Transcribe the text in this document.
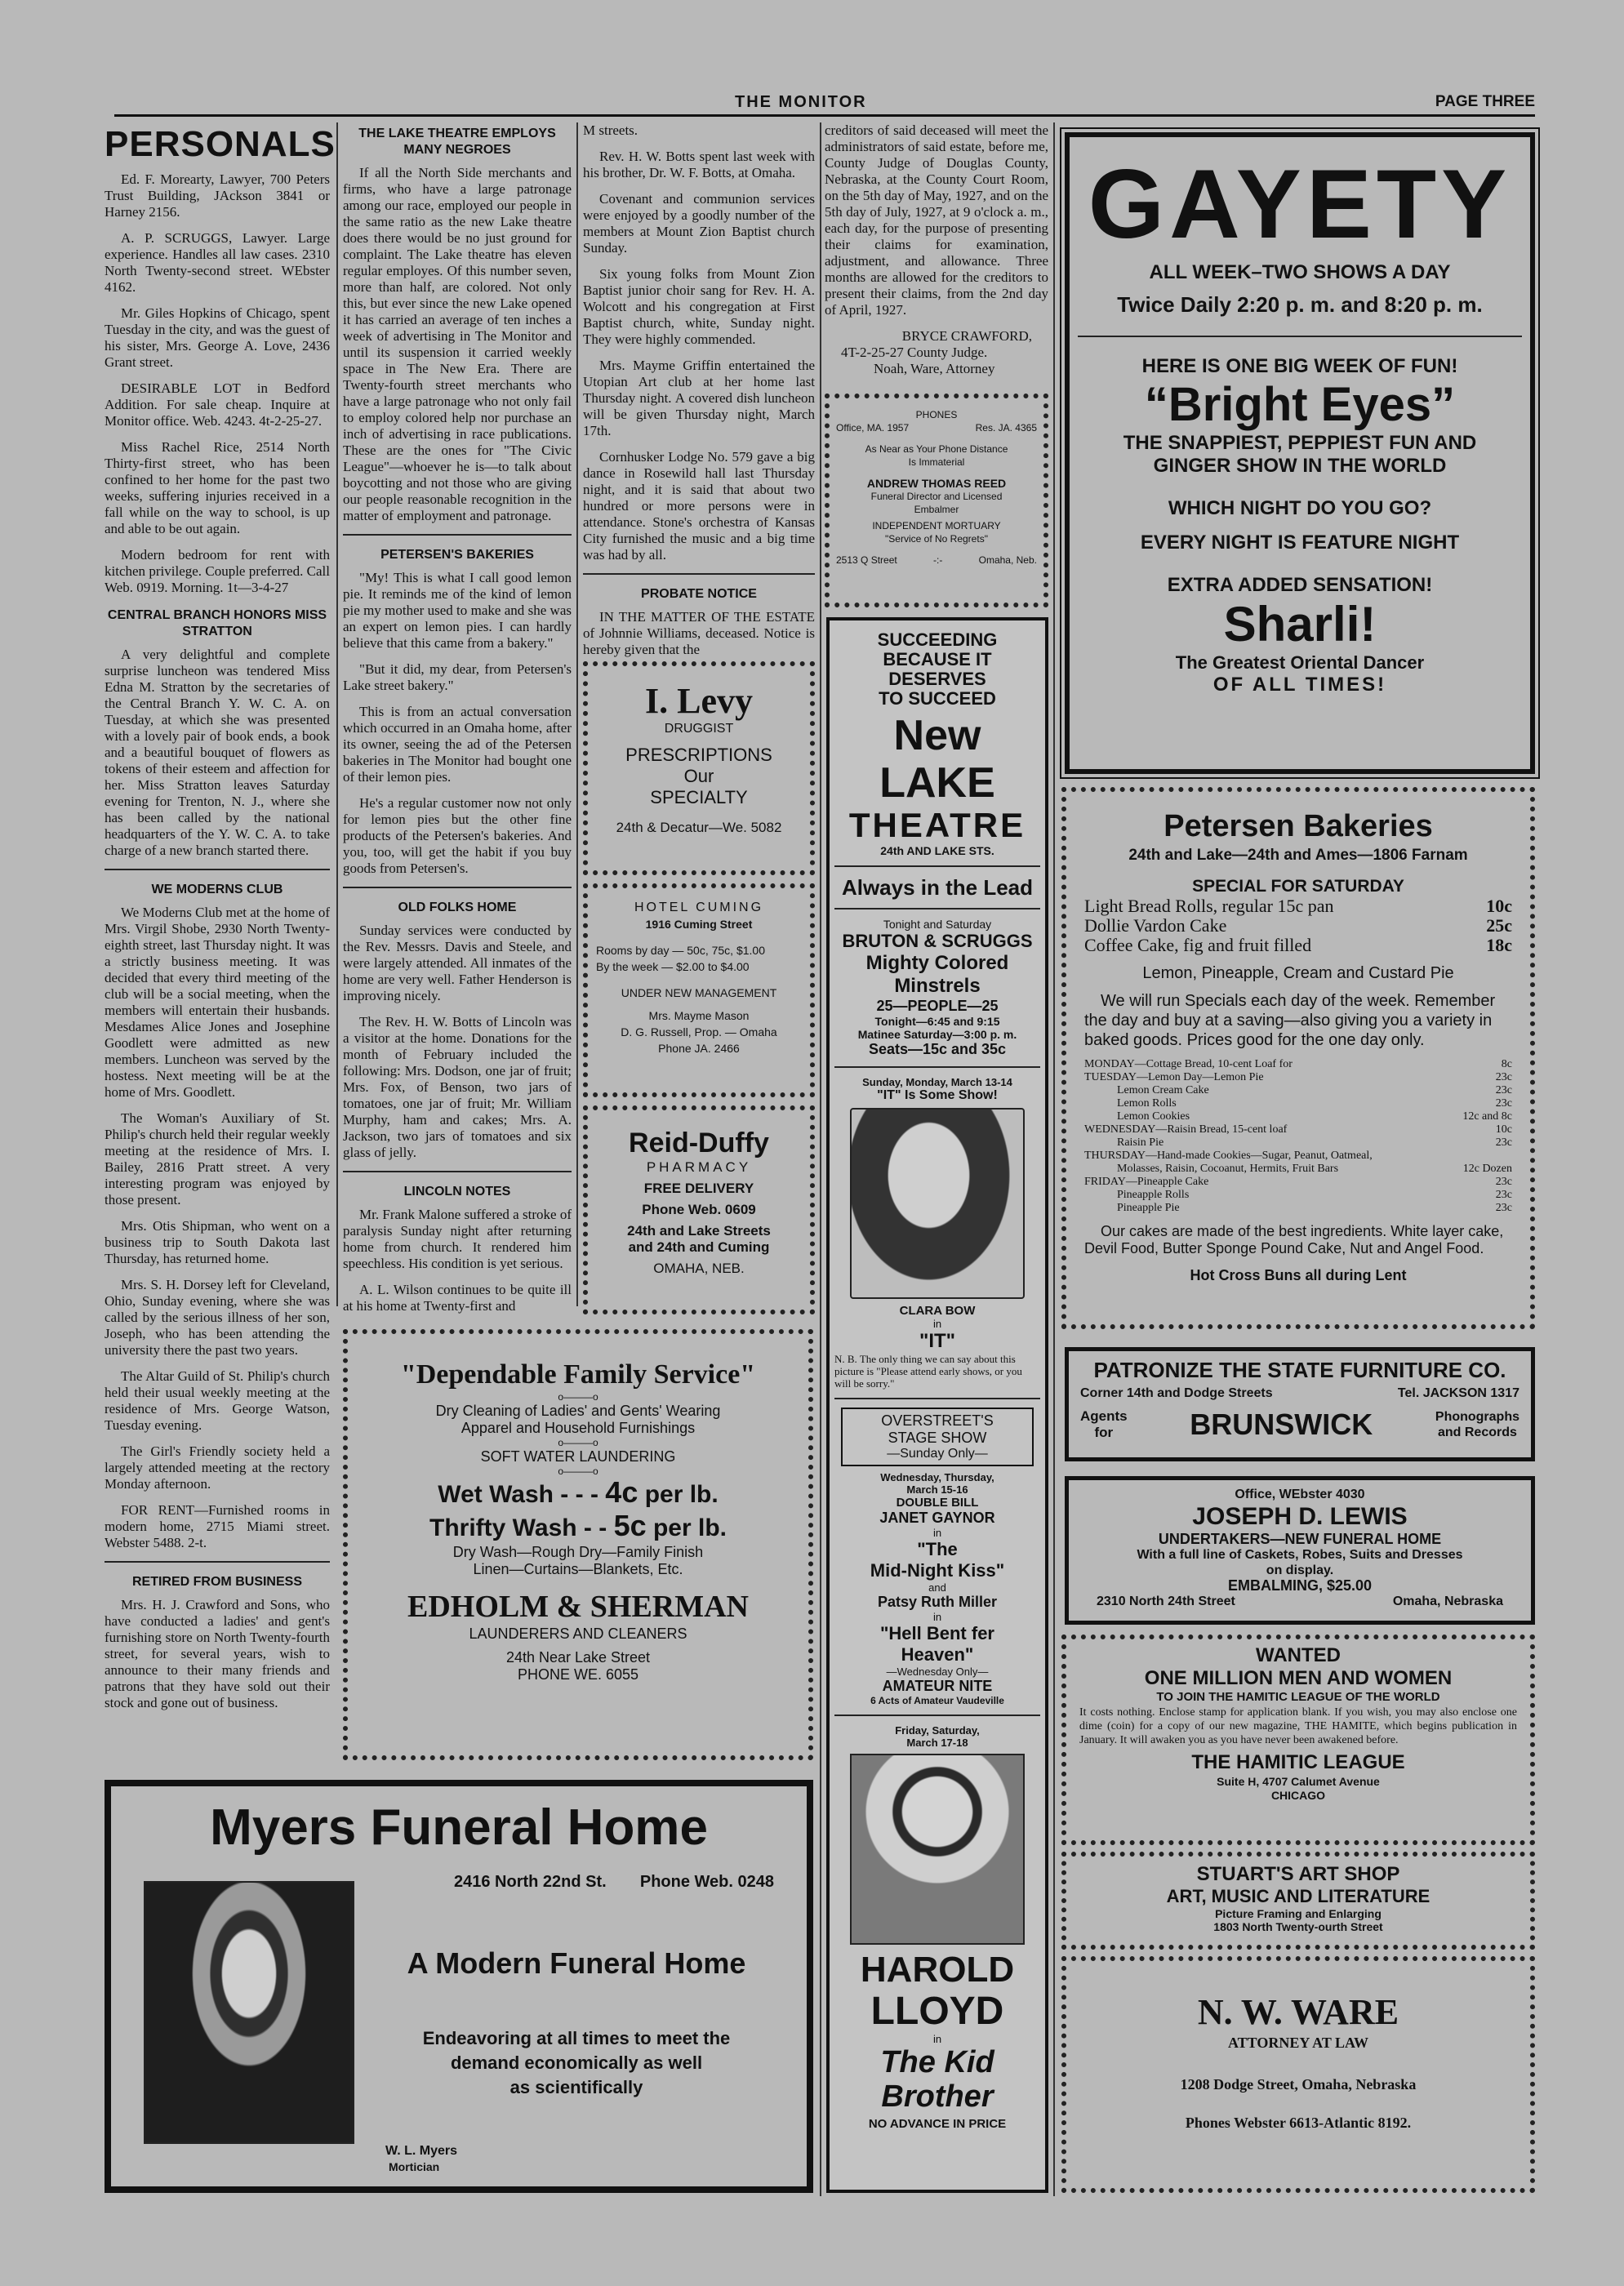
THE MONITOR	PAGE THREE
PERSONALS

Ed. F. Morearty, Lawyer, 700 Peters Trust Building, JAckson 3841 or Harney 2156.

A. P. SCRUGGS, Lawyer. Large experience. Handles all law cases. 2310 North Twenty-second street. WEbster 4162.

Mr. Giles Hopkins of Chicago, spent Tuesday in the city, and was the guest of his sister, Mrs. George A. Love, 2436 Grant street.

DESIRABLE LOT in Bedford Addition. For sale cheap. Inquire at Monitor office. Web. 4243. 4t-2-25-27.

Miss Rachel Rice, 2514 North Thirty-first street, who has been confined to her home for the past two weeks, suffering injuries received in a fall while on the way to school, is up and able to be out again.

Modern bedroom for rent with kitchen privilege. Couple preferred. Call Web. 0919. Morning. 1t—3-4-27

CENTRAL BRANCH HONORS MISS STRATTON

A very delightful and complete surprise luncheon was tendered Miss Edna M. Stratton by the secretaries of the Central Branch Y. W. C. A. on Tuesday, at which she was presented with a lovely pair of book ends, a book and a beautiful bouquet of flowers as tokens of their esteem and affection for her. Miss Stratton leaves Saturday evening for Trenton, N. J., where she has been called by the national headquarters of the Y. W. C. A. to take charge of a new branch started there.

WE MODERNS CLUB

We Moderns Club met at the home of Mrs. Virgil Shobe, 2930 North Twenty-eighth street, last Thursday night. It was a strictly business meeting. It was decided that every third meeting of the club will be a social meeting, when the members will entertain their husbands. Mesdames Alice Jones and Josephine Goodlett were admitted as new members. Luncheon was served by the hostess. Next meeting will be at the home of Mrs. Goodlett.

The Woman's Auxiliary of St. Philip's church held their regular weekly meeting at the residence of Mrs. I. Bailey, 2816 Pratt street. A very interesting program was enjoyed by those present.

Mrs. Otis Shipman, who went on a business trip to South Dakota last Thursday, has returned home.

Mrs. S. H. Dorsey left for Cleveland, Ohio, Sunday evening, where she was called by the serious illness of her son, Joseph, who has been attending the university there the past two years.

The Altar Guild of St. Philip's church held their usual weekly meeting at the residence of Mrs. George Watson, Tuesday evening.

The Girl's Friendly society held a largely attended meeting at the rectory Monday afternoon.

FOR RENT—Furnished rooms in modern home, 2715 Miami street. Webster 5488. 2-t.

RETIRED FROM BUSINESS

Mrs. H. J. Crawford and Sons, who have conducted a ladies' and gent's furnishing store on North Twenty-fourth street, for several years, wish to announce to their many friends and patrons that they have sold out their stock and gone out of business.

THE LAKE THEATRE EMPLOYS MANY NEGROES

If all the North Side merchants and firms, who have a large patronage among our race, employed our people in the same ratio as the new Lake theatre does there would be no just ground for complaint. The Lake theatre has eleven regular employes. Of this number seven, more than half, are colored. Not only this, but ever since the new Lake opened it has carried an average of ten inches a week of advertising in The Monitor and until its suspension it carried weekly space in The New Era. There are Twenty-fourth street merchants who have a large patronage who not only fail to employ colored help nor purchase an inch of advertising in race publications. These are the ones for "The Civic League"—whoever he is—to talk about boycotting and not those who are giving our people reasonable recognition in the matter of employment and patronage.

PETERSEN'S BAKERIES

"My! This is what I call good lemon pie. It reminds me of the kind of lemon pie my mother used to make and she was an expert on lemon pies. I can hardly believe that this came from a bakery."

"But it did, my dear, from Petersen's Lake street bakery."

This is from an actual conversation which occurred in an Omaha home, after its owner, seeing the ad of the Petersen bakeries in The Monitor had bought one of their lemon pies.

He's a regular customer now not only for lemon pies but the other fine products of the Petersen's bakeries. And you, too, will get the habit if you buy goods from Petersen's.

OLD FOLKS HOME

Sunday services were conducted by the Rev. Messrs. Davis and Steele, and were largely attended. All inmates of the home are very well. Father Henderson is improving nicely.

The Rev. H. W. Botts of Lincoln was a visitor at the home. Donations for the month of February included the following: Mrs. Dodson, one jar of fruit; Mrs. Fox, of Benson, two jars of tomatoes, one jar of fruit; Mr. William Murphy, ham and cakes; Mrs. A. Jackson, two jars of tomatoes and six glass of jelly.

LINCOLN NOTES

Mr. Frank Malone suffered a stroke of paralysis Sunday night after returning home from church. It rendered him speechless. His condition is yet serious.

A. L. Wilson continues to be quite ill at his home at Twenty-first and

M streets.

Rev. H. W. Botts spent last week with his brother, Dr. W. F. Botts, at Omaha.

Covenant and communion services were enjoyed by a goodly number of the members at Mount Zion Baptist church Sunday.

Six young folks from Mount Zion Baptist junior choir sang for Rev. H. A. Wolcott and his congregation at First Baptist church, white, Sunday night. They were highly commended.

Mrs. Mayme Griffin entertained the Utopian Art club at her home last Thursday night. A covered dish luncheon will be given Thursday night, March 17th.

Cornhusker Lodge No. 579 gave a big dance in Rosewild hall last Thursday night, and it is said that about two hundred or more persons were in attendance. Stone's orchestra of Kansas City furnished the music and a big time was had by all.

PROBATE NOTICE

IN THE MATTER OF THE ESTATE of Johnnie Williams, deceased. Notice is hereby given that the

creditors of said deceased will meet the administrators of said estate, before me, County Judge of Douglas County, Nebraska, at the County Court Room, on the 5th day of May, 1927, and on the 5th day of July, 1927, at 9 o'clock a. m., each day, for the purpose of presenting their claims for examination, adjustment, and allowance. Three months are allowed for the creditors to present their claims, from the 2nd day of April, 1927.

BRYCE CRAWFORD,
4T-2-25-27 County Judge.
Noah, Ware, Attorney
I. Levy
DRUGGIST
PRESCRIPTIONS
Our
SPECIALTY
24th & Decatur—We. 5082
HOTEL CUMING
1916 Cuming Street
Rooms by day — 50c, 75c, $1.00
By the week — $2.00 to $4.00
UNDER NEW MANAGEMENT
Mrs. Mayme Mason
D. G. Russell, Prop. — Omaha
Phone JA. 2466
Reid-Duffy
PHARMACY
FREE DELIVERY
Phone Web. 0609
24th and Lake Streets
and 24th and Cuming
OMAHA, NEB.
PHONES
Office, MA. 1957	Res. JA. 4365
As Near as Your Phone Distance
Is Immaterial
ANDREW THOMAS REED
Funeral Director and Licensed
Embalmer
INDEPENDENT MORTUARY
"Service of No Regrets"
2513 Q Street	-:-	Omaha, Neb.
SUCCEEDING
BECAUSE IT
DESERVES
TO SUCCEED
New LAKE
THEATRE
24th AND LAKE STS.
Always in the Lead
Tonight and Saturday
BRUTON & SCRUGGS
Mighty Colored
Minstrels
25—PEOPLE—25
Tonight—6:45 and 9:15
Matinee Saturday—3:00 p. m.
Seats—15c and 35c
Sunday, Monday, March 13-14
"IT" Is Some Show!
CLARA BOW
in
"IT"
N. B. The only thing we can say about this picture is "Please attend early shows, or you will be sorry."
OVERSTREET'S
STAGE SHOW
—Sunday Only—
Wednesday, Thursday,
March 15-16
DOUBLE BILL
JANET GAYNOR
in
"The
Mid-Night Kiss"
and
Patsy Ruth Miller
in
"Hell Bent fer
Heaven"
—Wednesday Only—
AMATEUR NITE
6 Acts of Amateur Vaudeville
Friday, Saturday,
March 17-18
HAROLD
LLOYD
in
The Kid
Brother
NO ADVANCE IN PRICE
"Dependable Family Service"
o———o
Dry Cleaning of Ladies' and Gents' Wearing
Apparel and Household Furnishings
o———o
SOFT WATER LAUNDERING
o———o
Wet Wash - - - 4c per lb.
Thrifty Wash - - 5c per lb.
Dry Wash—Rough Dry—Family Finish
Linen—Curtains—Blankets, Etc.
EDHOLM & SHERMAN
LAUNDERERS AND CLEANERS
24th Near Lake Street
PHONE WE. 6055
Myers Funeral Home
2416 North 22nd St. Phone Web. 0248
A Modern Funeral Home
Endeavoring at all times to meet the
demand economically as well
as scientifically
W. L. Myers
Mortician
GAYETY
ALL WEEK–TWO SHOWS A DAY
Twice Daily 2:20 p. m. and 8:20 p. m.
HERE IS ONE BIG WEEK OF FUN!
“Bright Eyes”
THE SNAPPIEST, PEPPIEST FUN AND
GINGER SHOW IN THE WORLD
WHICH NIGHT DO YOU GO?
EVERY NIGHT IS FEATURE NIGHT
EXTRA ADDED SENSATION!
Sharli!
The Greatest Oriental Dancer
OF ALL TIMES!
Petersen Bakeries
24th and Lake—24th and Ames—1806 Farnam
SPECIAL FOR SATURDAY
Light Bread Rolls, regular 15c pan	10c
Dollie Vardon Cake	25c
Coffee Cake, fig and fruit filled	18c
Lemon, Pineapple, Cream and Custard Pie
We will run Specials each day of the week. Remember the day and buy at a saving—also giving you a variety in baked goods. Prices good for the one day only.
MONDAY—Cottage Bread, 10-cent Loaf for	8c
TUESDAY—Lemon Day—Lemon Pie	23c
Lemon Cream Cake	23c
Lemon Rolls	23c
Lemon Cookies	12c and 8c
WEDNESDAY—Raisin Bread, 15-cent loaf	10c
Raisin Pie	23c
THURSDAY—Hand-made Cookies—Sugar, Peanut, Oatmeal,
Molasses, Raisin, Cocoanut, Hermits, Fruit Bars	12c Dozen
FRIDAY—Pineapple Cake	23c
Pineapple Rolls	23c
Pineapple Pie	23c
Our cakes are made of the best ingredients. White layer cake, Devil Food, Butter Sponge Pound Cake, Nut and Angel Food.
Hot Cross Buns all during Lent
PATRONIZE THE STATE FURNITURE CO.
Corner 14th and Dodge Streets	Tel. JACKSON 1317
Agents
for	BRUNSWICK	Phonographs
and Records
Office, WEbster 4030
JOSEPH D. LEWIS
UNDERTAKERS—NEW FUNERAL HOME
With a full line of Caskets, Robes, Suits and Dresses
on display.
EMBALMING, $25.00
2310 North 24th Street	Omaha, Nebraska
WANTED
ONE MILLION MEN AND WOMEN
TO JOIN THE HAMITIC LEAGUE OF THE WORLD
It costs nothing. Enclose stamp for application blank. If you wish, you may also enclose one dime (coin) for a copy of our new magazine, THE HAMITE, which begins publication in January. It will awaken you as you have never been awakened before.
THE HAMITIC LEAGUE
Suite H, 4707 Calumet Avenue
CHICAGO
STUART'S ART SHOP
ART, MUSIC AND LITERATURE
Picture Framing and Enlarging
1803 North Twenty-ourth Street
N. W. WARE
ATTORNEY AT LAW
1208 Dodge Street, Omaha, Nebraska
Phones Webster 6613-Atlantic 8192.
